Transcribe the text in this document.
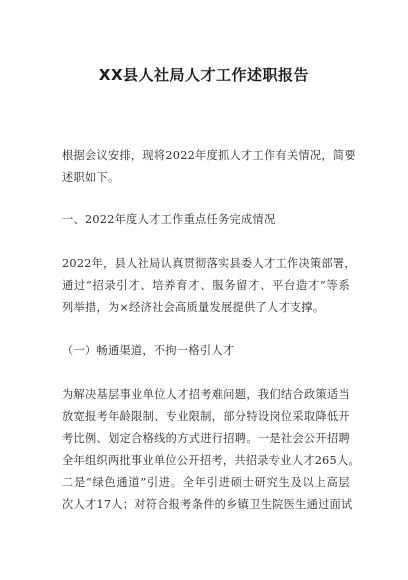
XX县人社局人才工作述职报告
根据会议安排，现将2022年度抓人才工作有关情况，简要
述职如下。
一、2022年度人才工作重点任务完成情况
2022年，县人社局认真贯彻落实县委人才工作决策部署，
通过“招录引才、培养育才、服务留才、平台造才”等系
列举措，为×经济社会高质量发展提供了人才支撑。
（一）畅通渠道，不拘一格引人才
为解决基层事业单位人才招考难问题，我们结合政策适当
放宽报考年龄限制、专业限制，部分特设岗位采取降低开
考比例、划定合格线的方式进行招聘。一是社会公开招聘
全年组织两批事业单位公开招考，共招录专业人才265人。
二是“绿色通道”引进。全年引进硕士研究生及以上高层
次人才17人；对符合报考条件的乡镇卫生院医生通过面试
